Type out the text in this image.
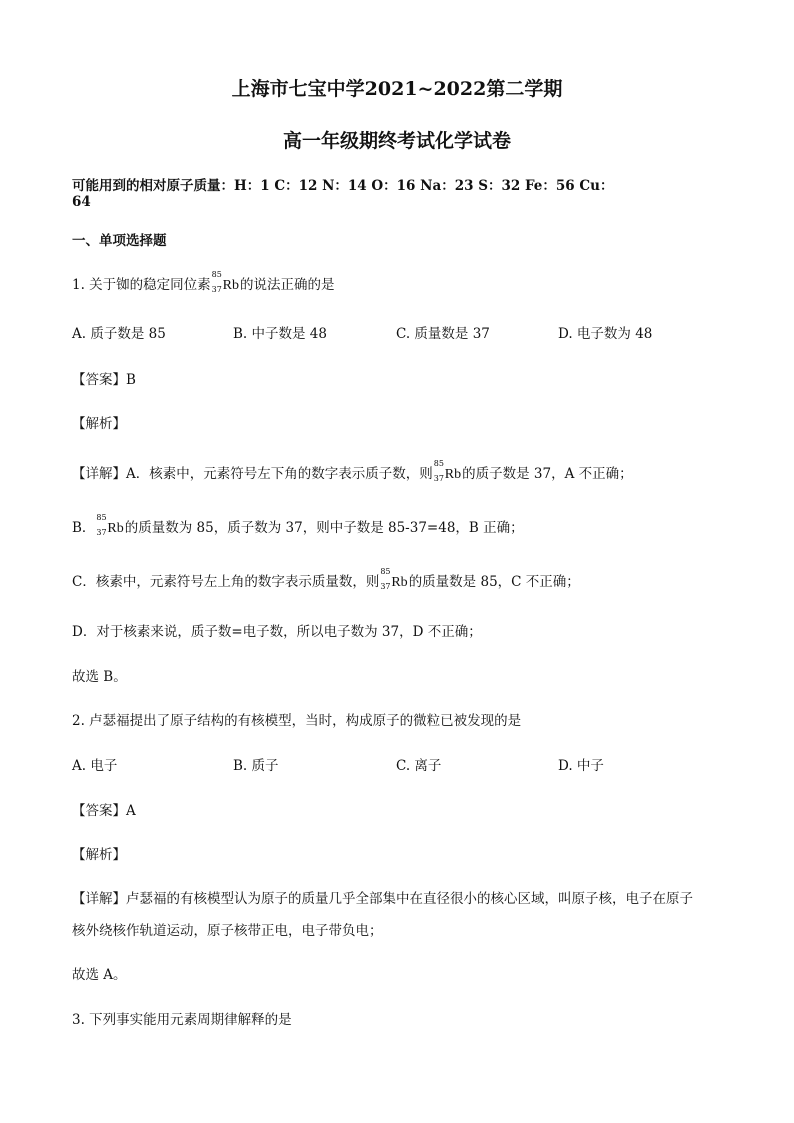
上海市七宝中学2021~2022第二学期
高一年级期终考试化学试卷
可能用到的相对原子质量：H：1 C：12 N：14 O：16 Na：23 S：32 Fe：56 Cu：
64
一、单项选择题
1. 关于铷的稳定同位素
85
37 Rb的说法正确的是
A. 质子数是 85	B. 中子数是 48	C. 质量数是 37	D. 电子数为 48
【答案】B
【解析】
【详解】A．核素中，元素符号左下角的数字表示质子数，则
85
37 Rb的质子数是 37，A 不正确；
B．
85
37 Rb的质量数为 85，质子数为 37，则中子数是 85-37=48，B 正确；
C．核素中，元素符号左上角的数字表示质量数，则
85
37 Rb的质量数是 85，C 不正确；
D．对于核素来说，质子数=电子数，所以电子数为 37，D 不正确；
故选 B。
2. 卢瑟福提出了原子结构的有核模型，当时，构成原子的微粒已被发现的是
A. 电子	B. 质子	C. 离子	D. 中子
【答案】A
【解析】
【详解】卢瑟福的有核模型认为原子的质量几乎全部集中在直径很小的核心区域，叫原子核，电子在原子
核外绕核作轨道运动，原子核带正电，电子带负电；
故选 A。
3. 下列事实能用元素周期律解释的是
